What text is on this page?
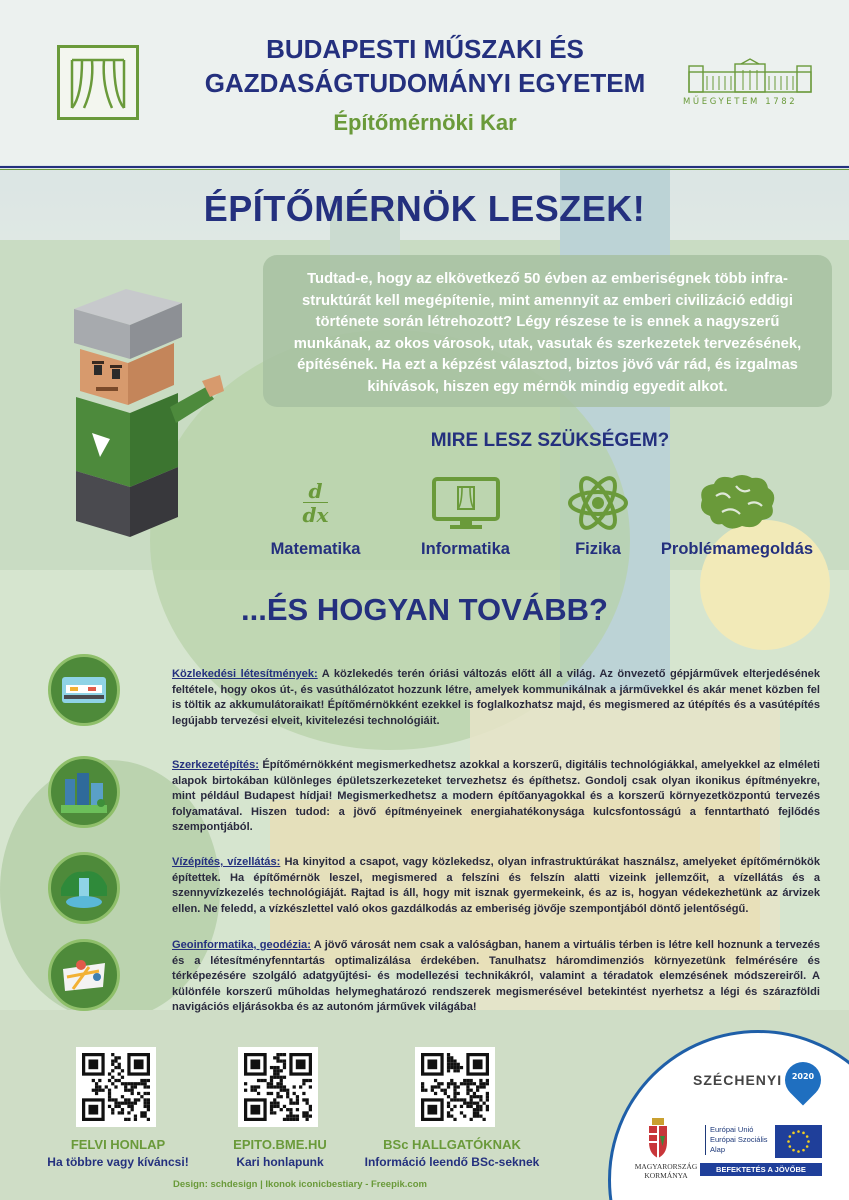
BUDAPESTI MŰSZAKI ÉS
GAZDASÁGTUDOMÁNYI EGYETEM
Építőmérnöki Kar
MŰEGYETEM 1782
ÉPÍTŐMÉRNÖK LESZEK!

Tudtad-e, hogy az elkövetkező 50 évben az emberiségnek több infrastruktúrát kell megépítenie, mint amennyit az emberi civilizáció eddigi története során létrehozott? Légy részese te is ennek a nagyszerű munkának, az okos városok, utak, vasutak és szerkezetek tervezésének, építésének. Ha ezt a képzést választod, biztos jövő vár rád, és izgalmas kihívások, hiszen egy mérnök mindig egyedit alkot.

MIRE LESZ SZÜKSÉGEM?
$\frac{d}{dx}$
Matematika	Informatika	Fizika	Problémamegoldás
...ÉS HOGYAN TOVÁBB?
Közlekedési létesítmények: A közlekedés terén óriási változás előtt áll a világ. Az önvezető gépjárművek elterjedésének feltétele, hogy okos út-, és vasúthálózatot hozzunk létre, amelyek kommunikálnak a járművekkel és akár menet közben fel is töltik az akkumulátoraikat! Építőmérnökként ezekkel is foglalkozhatsz majd, és megismered az útépítés és a vasútépítés legújabb tervezési elveit, kivitelezési technológiáit.
Szerkezetépítés: Építőmérnökként megismerkedhetsz azokkal a korszerű, digitális technológiákkal, amelyekkel az elméleti alapok birtokában különleges épületszerkezeteket tervezhetsz és építhetsz. Gondolj csak olyan ikonikus építményekre, mint például Budapest hídjai! Megismerkedhetsz a modern építőanyagokkal és a korszerű környezetközpontú tervezés folyamatával. Hiszen tudod: a jövő építményeinek energiahatékonysága kulcsfontosságú a fenntartható fejlődés szempontjából.
Vízépítés, vízellátás: Ha kinyitod a csapot, vagy közlekedsz, olyan infrastruktúrákat használsz, amelyeket építőmérnökök építettek. Ha építőmérnök leszel, megismered a felszíni és felszín alatti vizeink jellemzőit, a vízellátás és a szennyvízkezelés technológiáját. Rajtad is áll, hogy mit isznak gyermekeink, és az is, hogyan védekezhetünk az árvizek ellen. Ne feledd, a vízkészlettel való okos gazdálkodás az emberiség jövője szempontjából döntő jelentőségű.
Geoinformatika, geodézia: A jövő városát nem csak a valóságban, hanem a virtuális térben is létre kell hoznunk a tervezés és a létesítményfenntartás optimalizálása érdekében. Tanulhatsz háromdimenziós környezetünk felmérésére és térképezésére szolgáló adatgyűjtési- és modellezési technikákról, valamint a téradatok elemzésének módszereiről. A különféle korszerű műholdas helymeghatározó rendszerek megismerésével betekintést nyerhetsz a légi és szárazföldi navigációs eljárásokba és az autonóm járművek világába!
FELVI HONLAP
Ha többre vagy kíváncsi!
EPITO.BME.HU
Kari honlapunk
BSc HALLGATÓKNAK
Információ leendő BSc-seknek
Design: schdesign | Ikonok iconicbestiary - Freepik.com
SZÉCHENYI	2020
MAGYARORSZÁG
KORMÁNYA
Európai Unió
Európai Szociális
Alap
BEFEKTETÉS A JÖVŐBE
